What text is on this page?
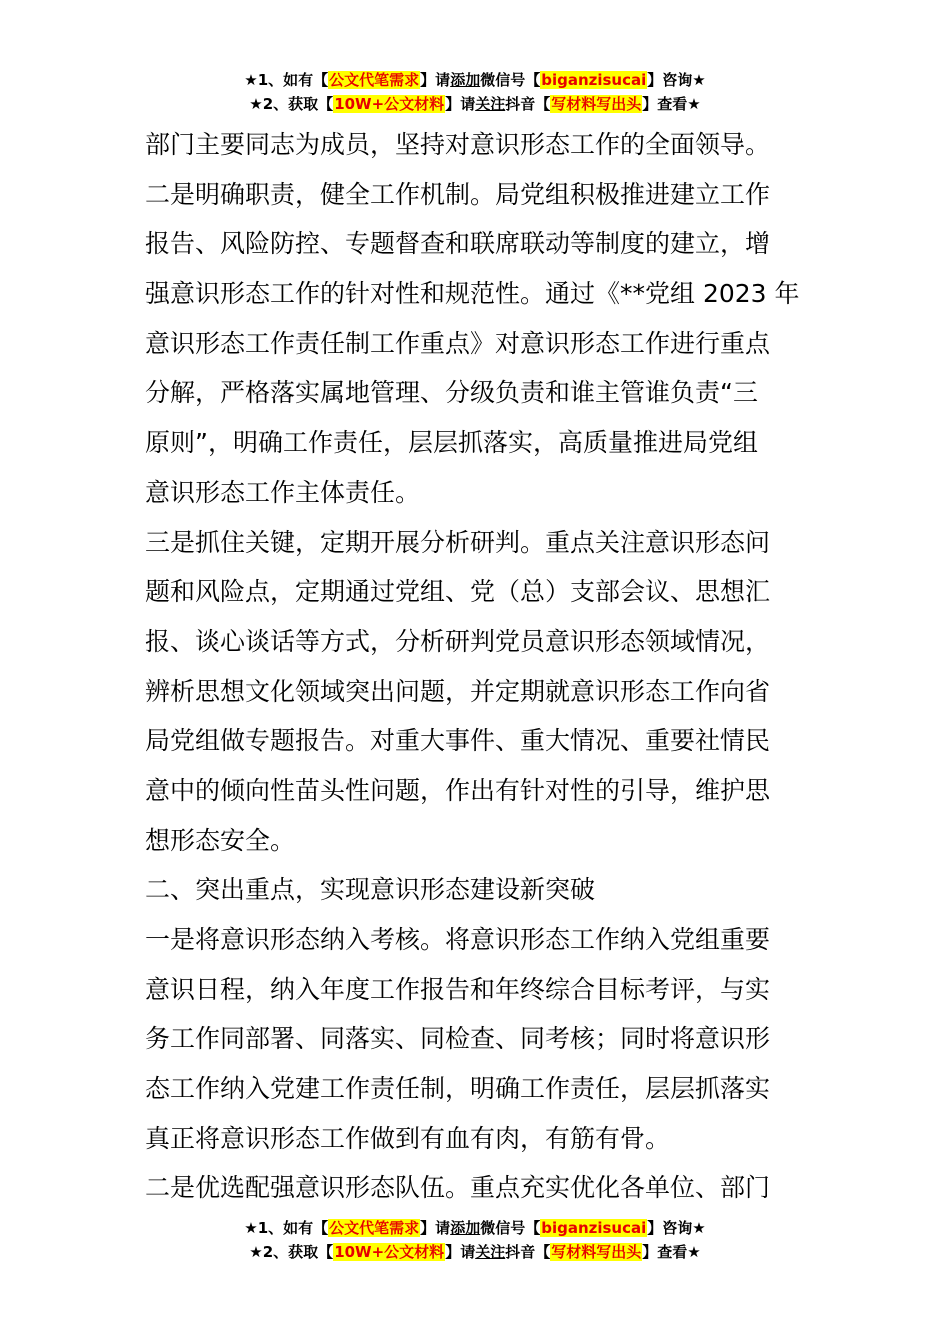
★1、如有【公文代笔需求】请添加微信号【biganzisucai】咨询★
★2、获取【10W+公文材料】请关注抖音【写材料写出头】查看★
部门主要同志为成员，坚持对意识形态工作的全面领导。
二是明确职责，健全工作机制。局党组积极推进建立工作
报告、风险防控、专题督查和联席联动等制度的建立，增
强意识形态工作的针对性和规范性。通过《**党组 2023 年
意识形态工作责任制工作重点》对意识形态工作进行重点
分解，严格落实属地管理、分级负责和谁主管谁负责“三
原则”，明确工作责任，层层抓落实，高质量推进局党组
意识形态工作主体责任。
三是抓住关键，定期开展分析研判。重点关注意识形态问
题和风险点，定期通过党组、党（总）支部会议、思想汇
报、谈心谈话等方式，分析研判党员意识形态领域情况，
辨析思想文化领域突出问题，并定期就意识形态工作向省
局党组做专题报告。对重大事件、重大情况、重要社情民
意中的倾向性苗头性问题，作出有针对性的引导，维护思
想形态安全。
二、突出重点，实现意识形态建设新突破
一是将意识形态纳入考核。将意识形态工作纳入党组重要
意识日程，纳入年度工作报告和年终综合目标考评，与实
务工作同部署、同落实、同检查、同考核；同时将意识形
态工作纳入党建工作责任制，明确工作责任，层层抓落实
真正将意识形态工作做到有血有肉，有筋有骨。
二是优选配强意识形态队伍。重点充实优化各单位、部门
★1、如有【公文代笔需求】请添加微信号【biganzisucai】咨询★
★2、获取【10W+公文材料】请关注抖音【写材料写出头】查看★
